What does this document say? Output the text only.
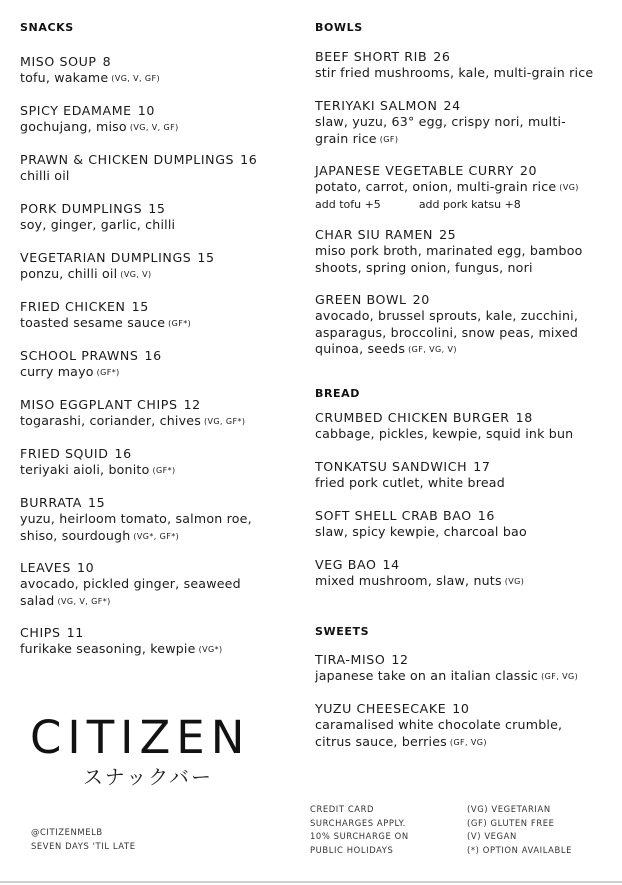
SNACKS
MISO SOUP 8
tofu, wakame (VG, V, GF)
SPICY EDAMAME 10
gochujang, miso (VG, V, GF)
PRAWN & CHICKEN DUMPLINGS 16
chilli oil
PORK DUMPLINGS 15
soy, ginger, garlic, chilli
VEGETARIAN DUMPLINGS 15
ponzu, chilli oil (VG, V)
FRIED CHICKEN 15
toasted sesame sauce (GF*)
SCHOOL PRAWNS 16
curry mayo (GF*)
MISO EGGPLANT CHIPS 12
togarashi, coriander, chives (VG, GF*)
FRIED SQUID 16
teriyaki aioli, bonito (GF*)
BURRATA 15
yuzu, heirloom tomato, salmon roe, shiso, sourdough (VG*, GF*)
LEAVES 10
avocado, pickled ginger, seaweed salad (VG, V, GF*)
CHIPS 11
furikake seasoning, kewpie (VG*)
BOWLS
BEEF SHORT RIB 26
stir fried mushrooms, kale, multi-grain rice
TERIYAKI SALMON 24
slaw, yuzu, 63° egg, crispy nori, multi-grain rice (GF)
JAPANESE VEGETABLE CURRY 20
potato, carrot, onion, multi-grain rice (VG)
add tofu +5	add pork katsu +8
CHAR SIU RAMEN 25
miso pork broth, marinated egg, bamboo shoots, spring onion, fungus, nori
GREEN BOWL 20
avocado, brussel sprouts, kale, zucchini, asparagus, broccolini, snow peas, mixed quinoa, seeds (GF, VG, V)
BREAD
CRUMBED CHICKEN BURGER 18
cabbage, pickles, kewpie, squid ink bun
TONKATSU SANDWICH 17
fried pork cutlet, white bread
SOFT SHELL CRAB BAO 16
slaw, spicy kewpie, charcoal bao
VEG BAO 14
mixed mushroom, slaw, nuts (VG)
SWEETS
TIRA-MISO 12
japanese take on an italian classic (GF, VG)
YUZU CHEESECAKE 10
caramalised white chocolate crumble, citrus sauce, berries (GF, VG)
CITIZEN
スナックバー
@CITIZENMELB
SEVEN DAYS 'TIL LATE
CREDIT CARD
SURCHARGES APPLY.
10% SURCHARGE ON
PUBLIC HOLIDAYS
(VG) VEGETARIAN
(GF) GLUTEN FREE
(V) VEGAN
(*) OPTION AVAILABLE
